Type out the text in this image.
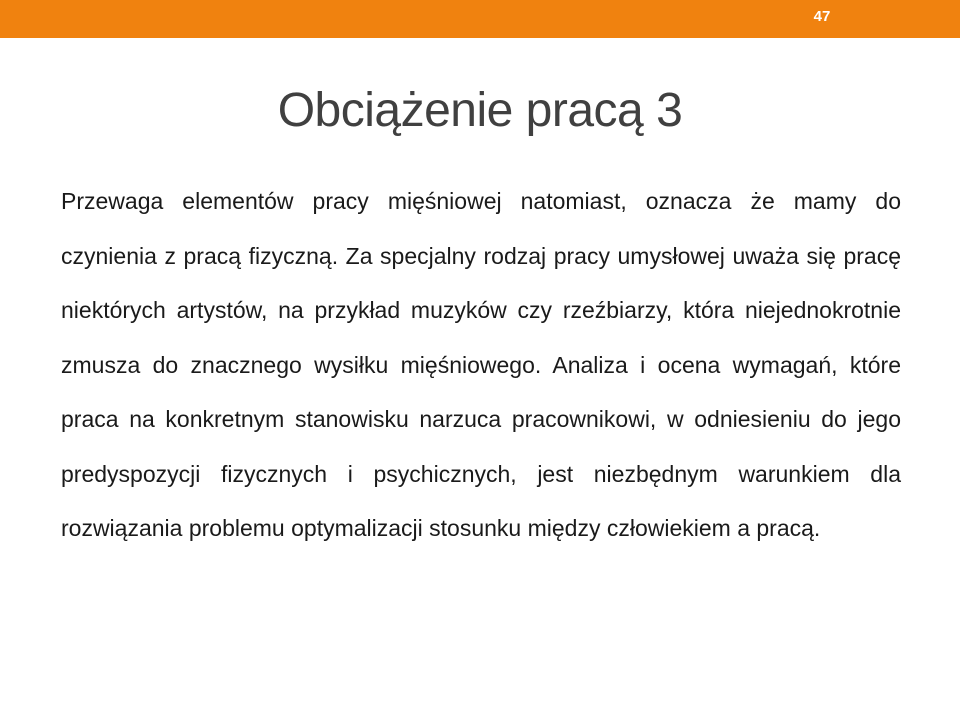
47
Obciążenie pracą 3

Przewaga elementów pracy mięśniowej natomiast, oznacza że mamy do czynienia z pracą fizyczną. Za specjalny rodzaj pracy umysłowej uważa się pracę niektórych artystów, na przykład muzyków czy rzeźbiarzy, która niejednokrotnie zmusza do znacznego wysiłku mięśniowego. Analiza i ocena wymagań, które praca na konkretnym stanowisku narzuca pracownikowi, w odniesieniu do jego predyspozycji fizycznych i psychicznych, jest niezbędnym warunkiem dla rozwiązania problemu optymalizacji stosunku między człowiekiem a pracą.
